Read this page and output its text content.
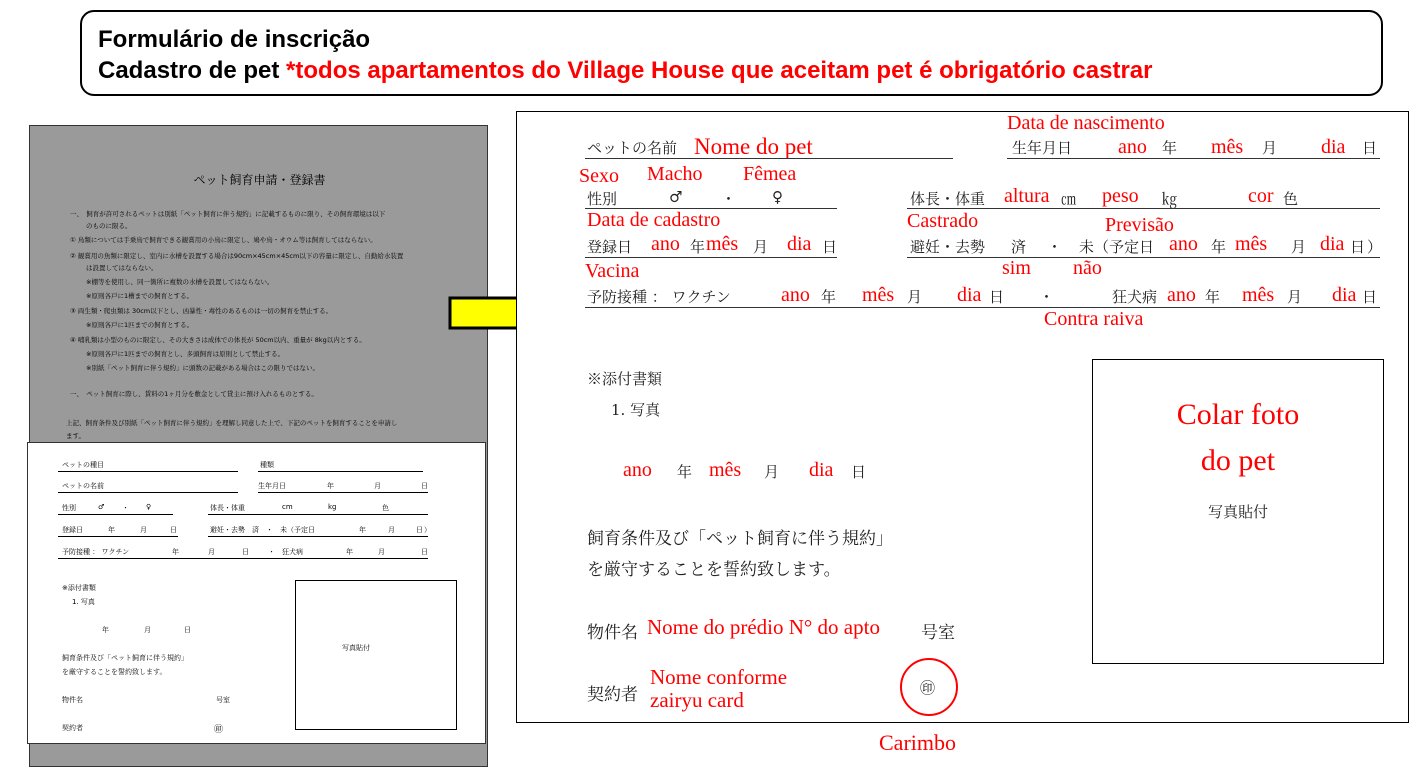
Formulário de inscrição
Cadastro de pet *todos apartamentos do Village House que aceitam pet é obrigatório castrar
ペット飼育申請・登録書
一、　飼育が許可されるペットは別紙「ペット飼育に伴う規約」に記載するものに限り、その飼育環境は以下
のものに限る。
① 鳥類については手乗鳥で飼育できる観賞用の小鳥に限定し、鳩や鳥・オウム等は飼育してはならない。
② 観賞用の魚類に限定し、室内に水槽を設置する場合は90cm×45cm×45cm以下の容量に限定し、自動給水装置
は設置してはならない。
※棚等を使用し、同一箇所に複数の水槽を設置してはならない。
※原則各戸に1槽までの飼育とする。
③ 両生類・爬虫類は 30cm以下とし、凶暴性・毒性のあるものは一切の飼育を禁止する。
※原則各戸に1匹までの飼育とする。
④ 哺乳類は小型のものに限定し、その大きさは成体での体長が 50cm以内、重量が 8kg以内とする。
※原則各戸に1匹までの飼育とし、多頭飼育は原則として禁止する。
※別紙「ペット飼育に伴う規約」に頭数の記載がある場合はこの限りではない。
一、　ペット飼育に際し、賃料の1ヶ月分を敷金として貸主に預け入れるものとする。
上記、飼育条件及び別紙「ペット飼育に伴う規約」を理解し同意した上で、下記のペットを飼育することを申請し
ます。
ペットの種目	種類
ペットの名前	生年月日	年	月	日
性別	♂	・ ♀	体長・体重	cm	kg	色
登録日	年	月	日	避妊・去勢　済　・　未（予定日	年	月	日 ）
予防接種 ： ワクチン	年	月	日	・　狂犬病	年	月	日
※添付書類
1. 写真
年	月	日
飼育条件及び「ペット飼育に伴う規約」
を厳守することを誓約致します。
物件名	号室
契約者	㊞
写真貼付
Data de nascimento
ペットの名前 Nome do pet	生年月日 ano 年 mês 月 dia 日
Sexo Macho Fêmea
性別	♂	・ ♀	体長・体重 altura ㎝ peso ㎏	cor 色
Data de cadastro	Castrado	Previsão
登録日 ano 年 mês 月 dia 日	避妊・去勢 済 ・ 未（予定日 ano 年 mês 月 dia 日 ）
sim não
Vacina
予防接種 ： ワクチン	ano 年 mês 月 dia 日 ・	狂犬病 ano 年 mês 月 dia 日
Contra raiva
※添付書類
1. 写真
ano 年 mês 月 dia 日
飼育条件及び「ペット飼育に伴う規約」
を厳守することを誓約致します。
物件名 Nome do prédio N° do apto 号室
契約者
Nome conforme
zairyu card	㊞
Colar foto
do pet
写真貼付
Carimbo
